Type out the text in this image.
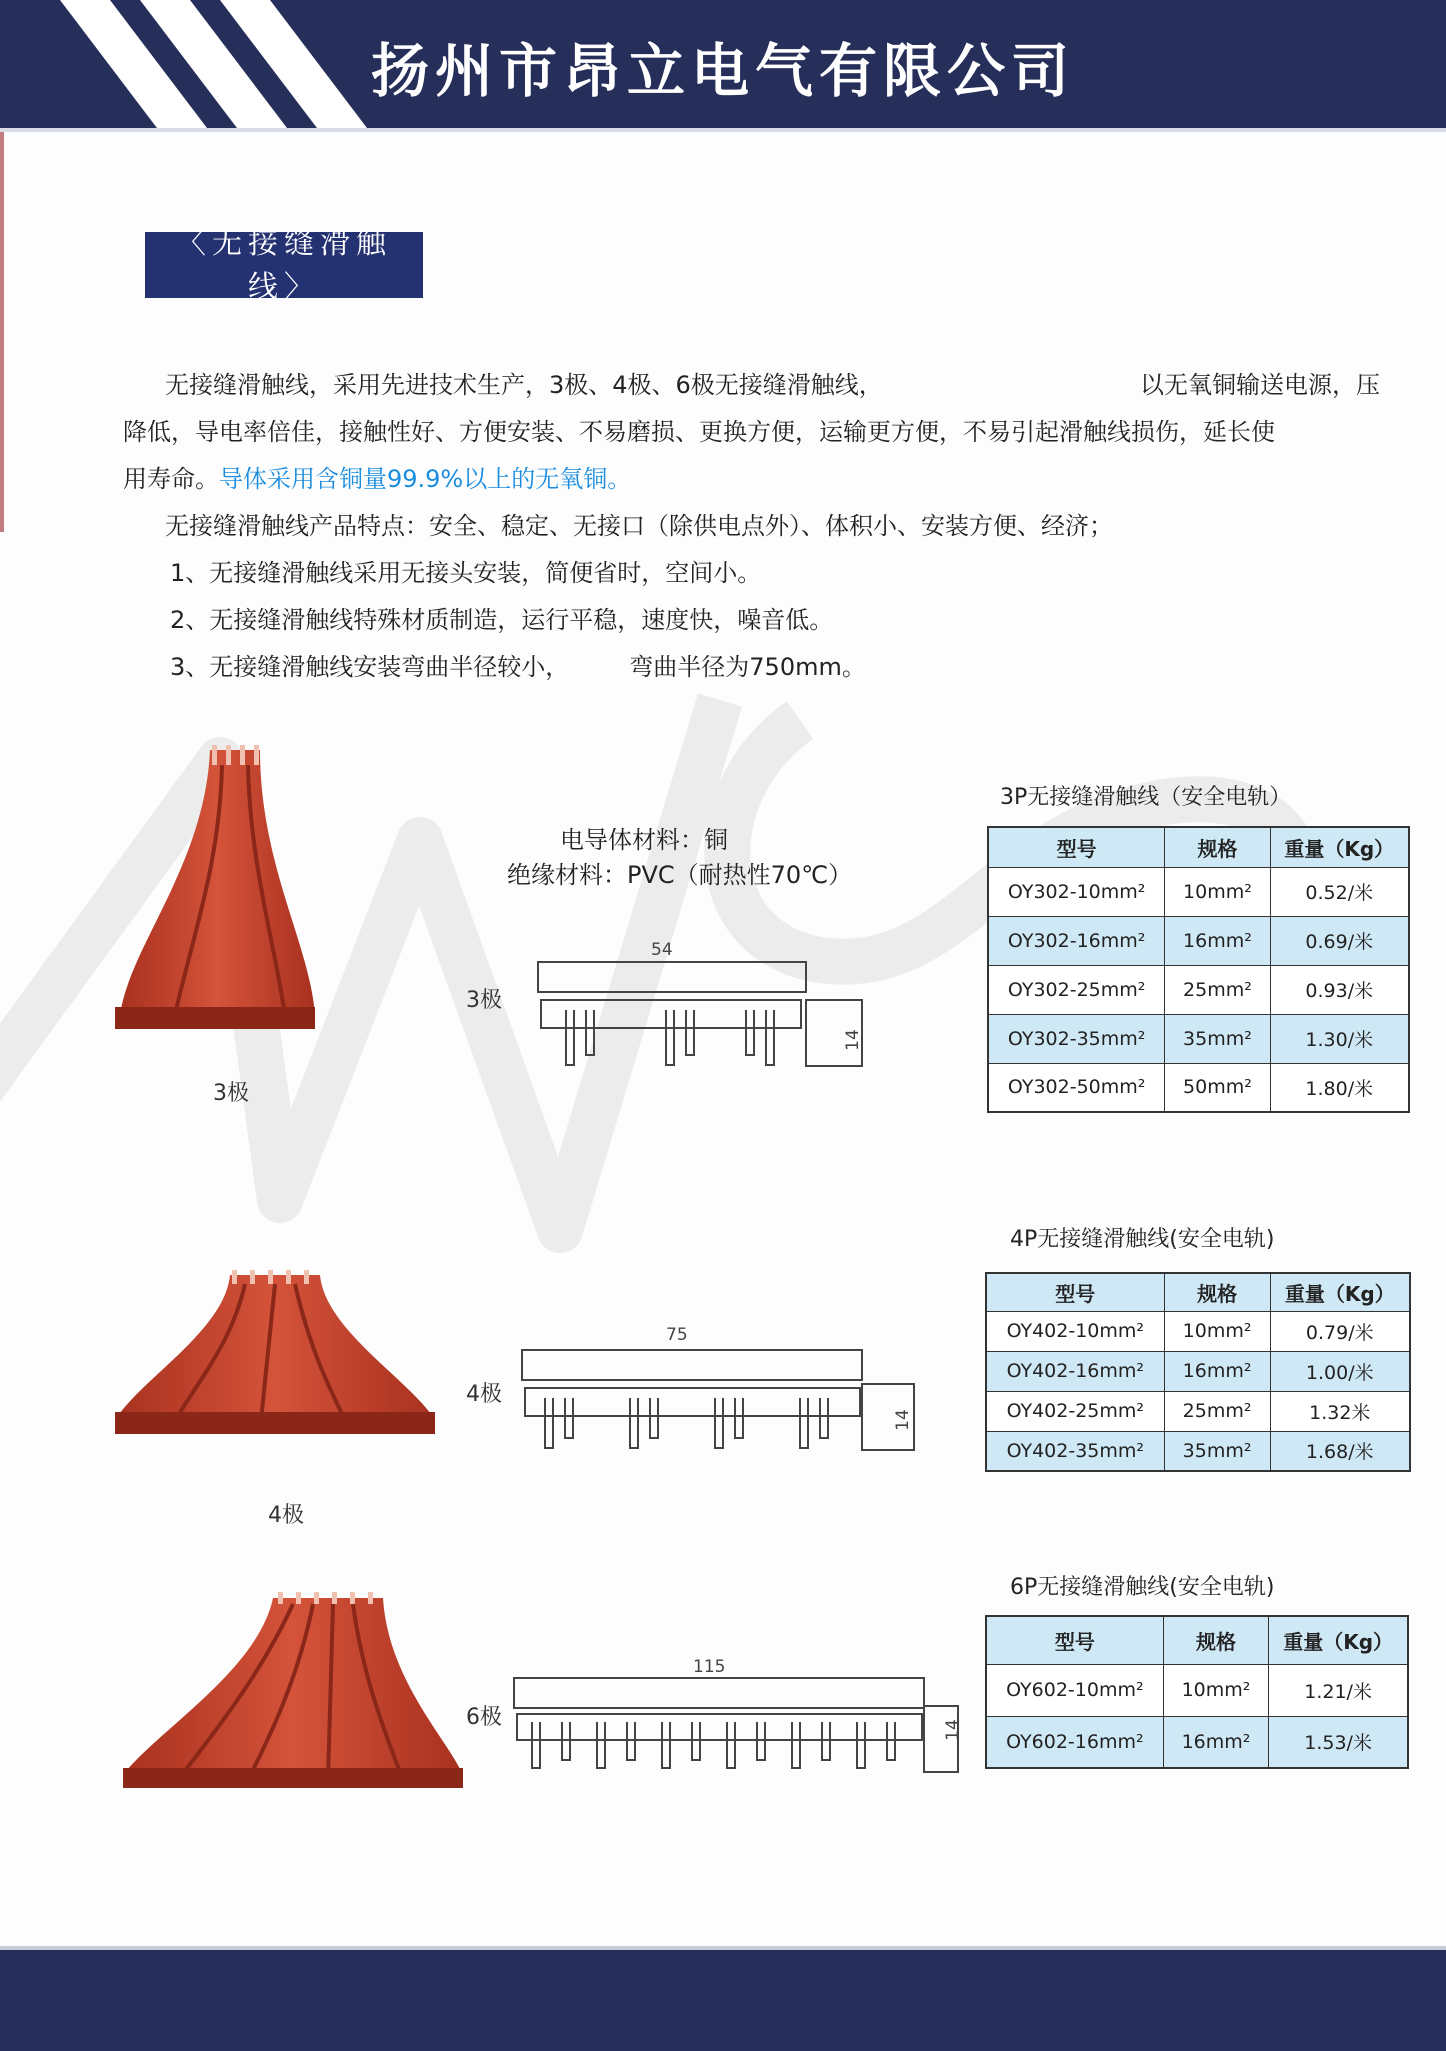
扬州市昂立电气有限公司
〈无接缝滑触线〉
无接缝滑触线，采用先进技术生产，3极、4极、6极无接缝滑触线，	以无氧铜输送电源，压
降低，导电率倍佳，接触性好、方便安装、不易磨损、更换方便，运输更方便，不易引起滑触线损伤，延长使
用寿命。导体采用含铜量99.9%以上的无氧铜。
无接缝滑触线产品特点：安全、稳定、无接口（除供电点外）、体积小、安装方便、经济；
1、无接缝滑触线采用无接头安装，简便省时，空间小。
2、无接缝滑触线特殊材质制造，运行平稳，速度快，噪音低。
3、无接缝滑触线安装弯曲半径较小，	弯曲半径为750mm。
电导体材料：铜
绝缘材料：PVC（耐热性70℃）
3极
4极
3极
54
14
4极
75
14
6极
115
14
3P无接缝滑触线（安全电轨）
型号	规格	重量（Kg）
OY302-10mm²	10mm²	0.52/米
OY302-16mm²	16mm²	0.69/米
OY302-25mm²	25mm²	0.93/米
OY302-35mm²	35mm²	1.30/米
OY302-50mm²	50mm²	1.80/米
4P无接缝滑触线(安全电轨)
型号	规格	重量（Kg）
OY402-10mm²	10mm²	0.79/米
OY402-16mm²	16mm²	1.00/米
OY402-25mm²	25mm²	1.32米
OY402-35mm²	35mm²	1.68/米
6P无接缝滑触线(安全电轨)
型号	规格	重量（Kg）
OY602-10mm²	10mm²	1.21/米
OY602-16mm²	16mm²	1.53/米
